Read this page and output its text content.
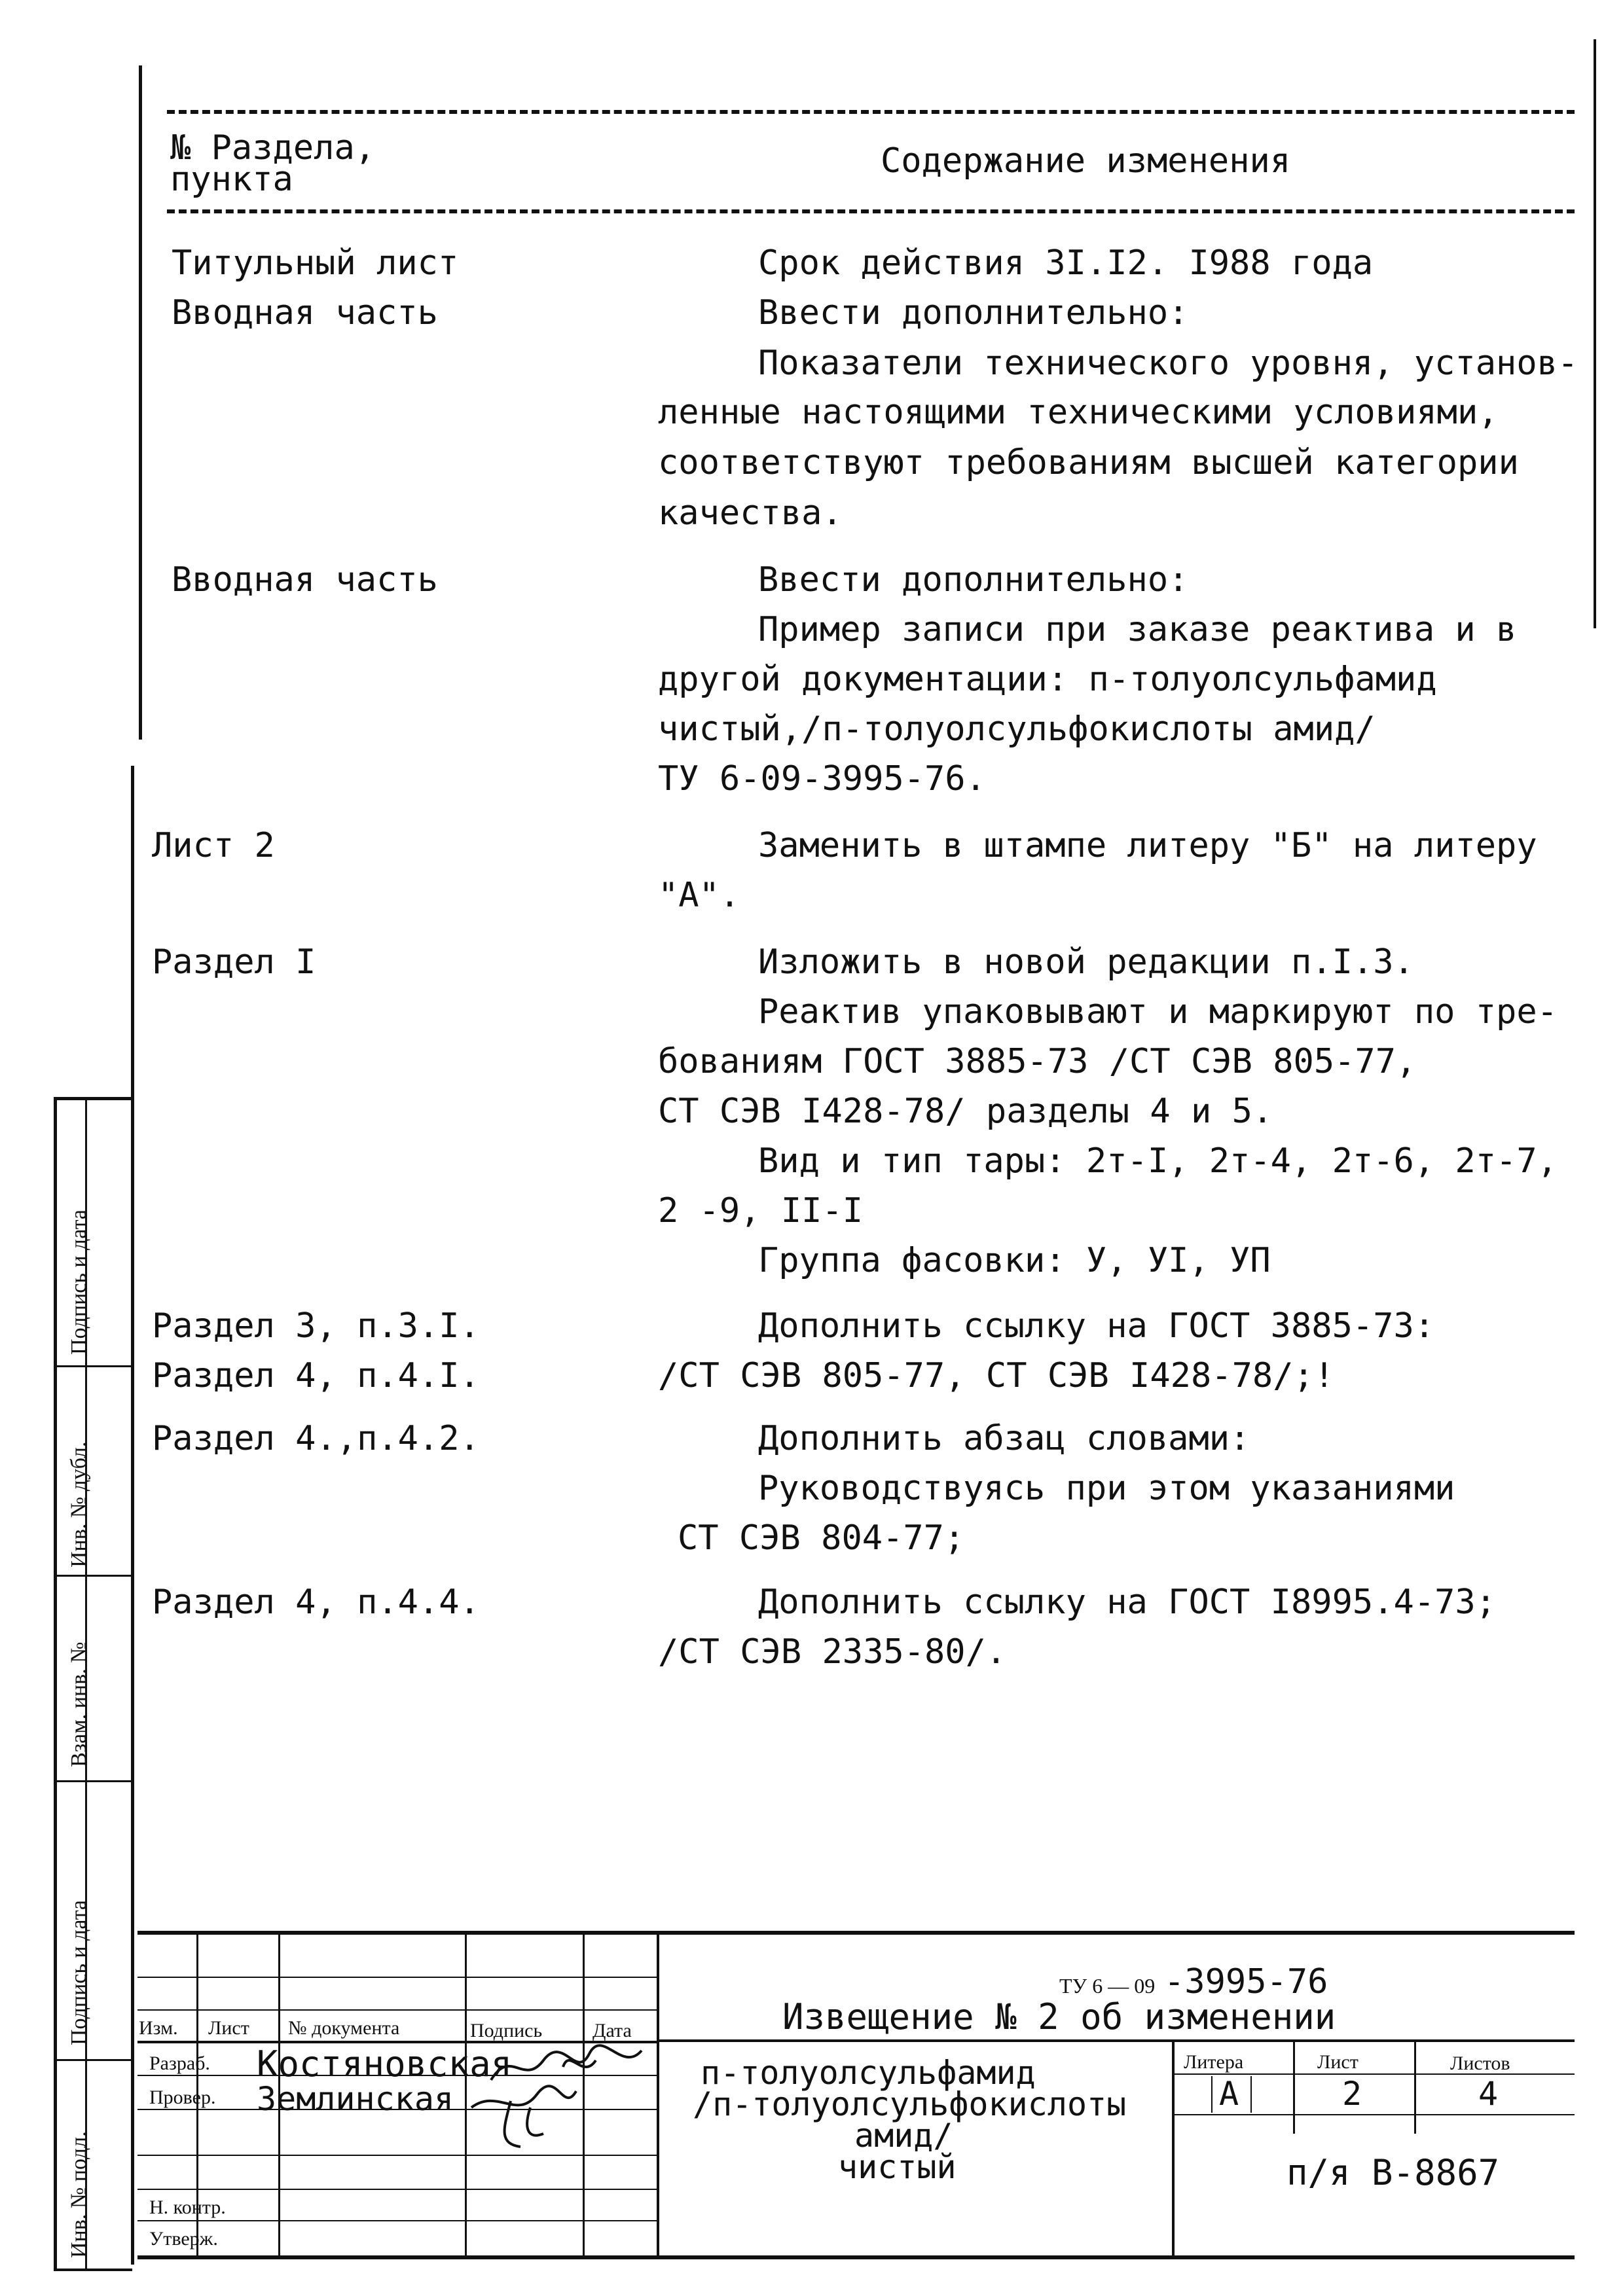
№ Раздела,
пункта	Содержание изменения
Титульный лист	Срок действия 3I.I2. I988 года
Вводная часть	Ввести дополнительно:
Показатели технического уровня, установ-
ленные настоящими техническими условиями,
соответствуют требованиям высшей категории
качества.
Вводная часть	Ввести дополнительно:
Пример записи при заказе реактива и в
другой документации: п-толуолсульфамид
чистый,/п-толуолсульфокислоты амид/
ТУ 6-09-3995-76.
Лист 2	Заменить в штампе литеру "Б" на литеру
"А".
Раздел I	Изложить в новой редакции п.I.3.
Реактив упаковывают и маркируют по тре-
бованиям ГОСТ 3885-73 /СТ СЭВ 805-77,
СТ СЭВ I428-78/ разделы 4 и 5.
Вид и тип тары: 2т-I, 2т-4, 2т-6, 2т-7,
2 -9, II-I
Группа фасовки: У, УI, УП
Раздел 3, п.3.I.	Дополнить ссылку на ГОСТ 3885-73:
Раздел 4, п.4.I.	/СТ СЭВ 805-77, СТ СЭВ I428-78/;!
Раздел 4.,п.4.2.	Дополнить абзац словами:
Руководствуясь при этом указаниями
СТ СЭВ 804-77;
Раздел 4, п.4.4.	Дополнить ссылку на ГОСТ I8995.4-73;
/СТ СЭВ 2335-80/.
Подпись и дата
Инв. № дубл.
Взам. инв. №
Подпись и дата
Инв. № подл.
Изм. Лист № документа	Подпись	Дата
Разраб.
Провер.
Н. контр.
Утверж.
Костяновская
Землинская
ТУ 6 — 09 -3995-76
Извещение № 2 об изменении
п-толуолсульфамид
/п-толуолсульфокислоты
амид/
чистый
Литера	Лист	Листов
А	2	4
п/я В-8867
